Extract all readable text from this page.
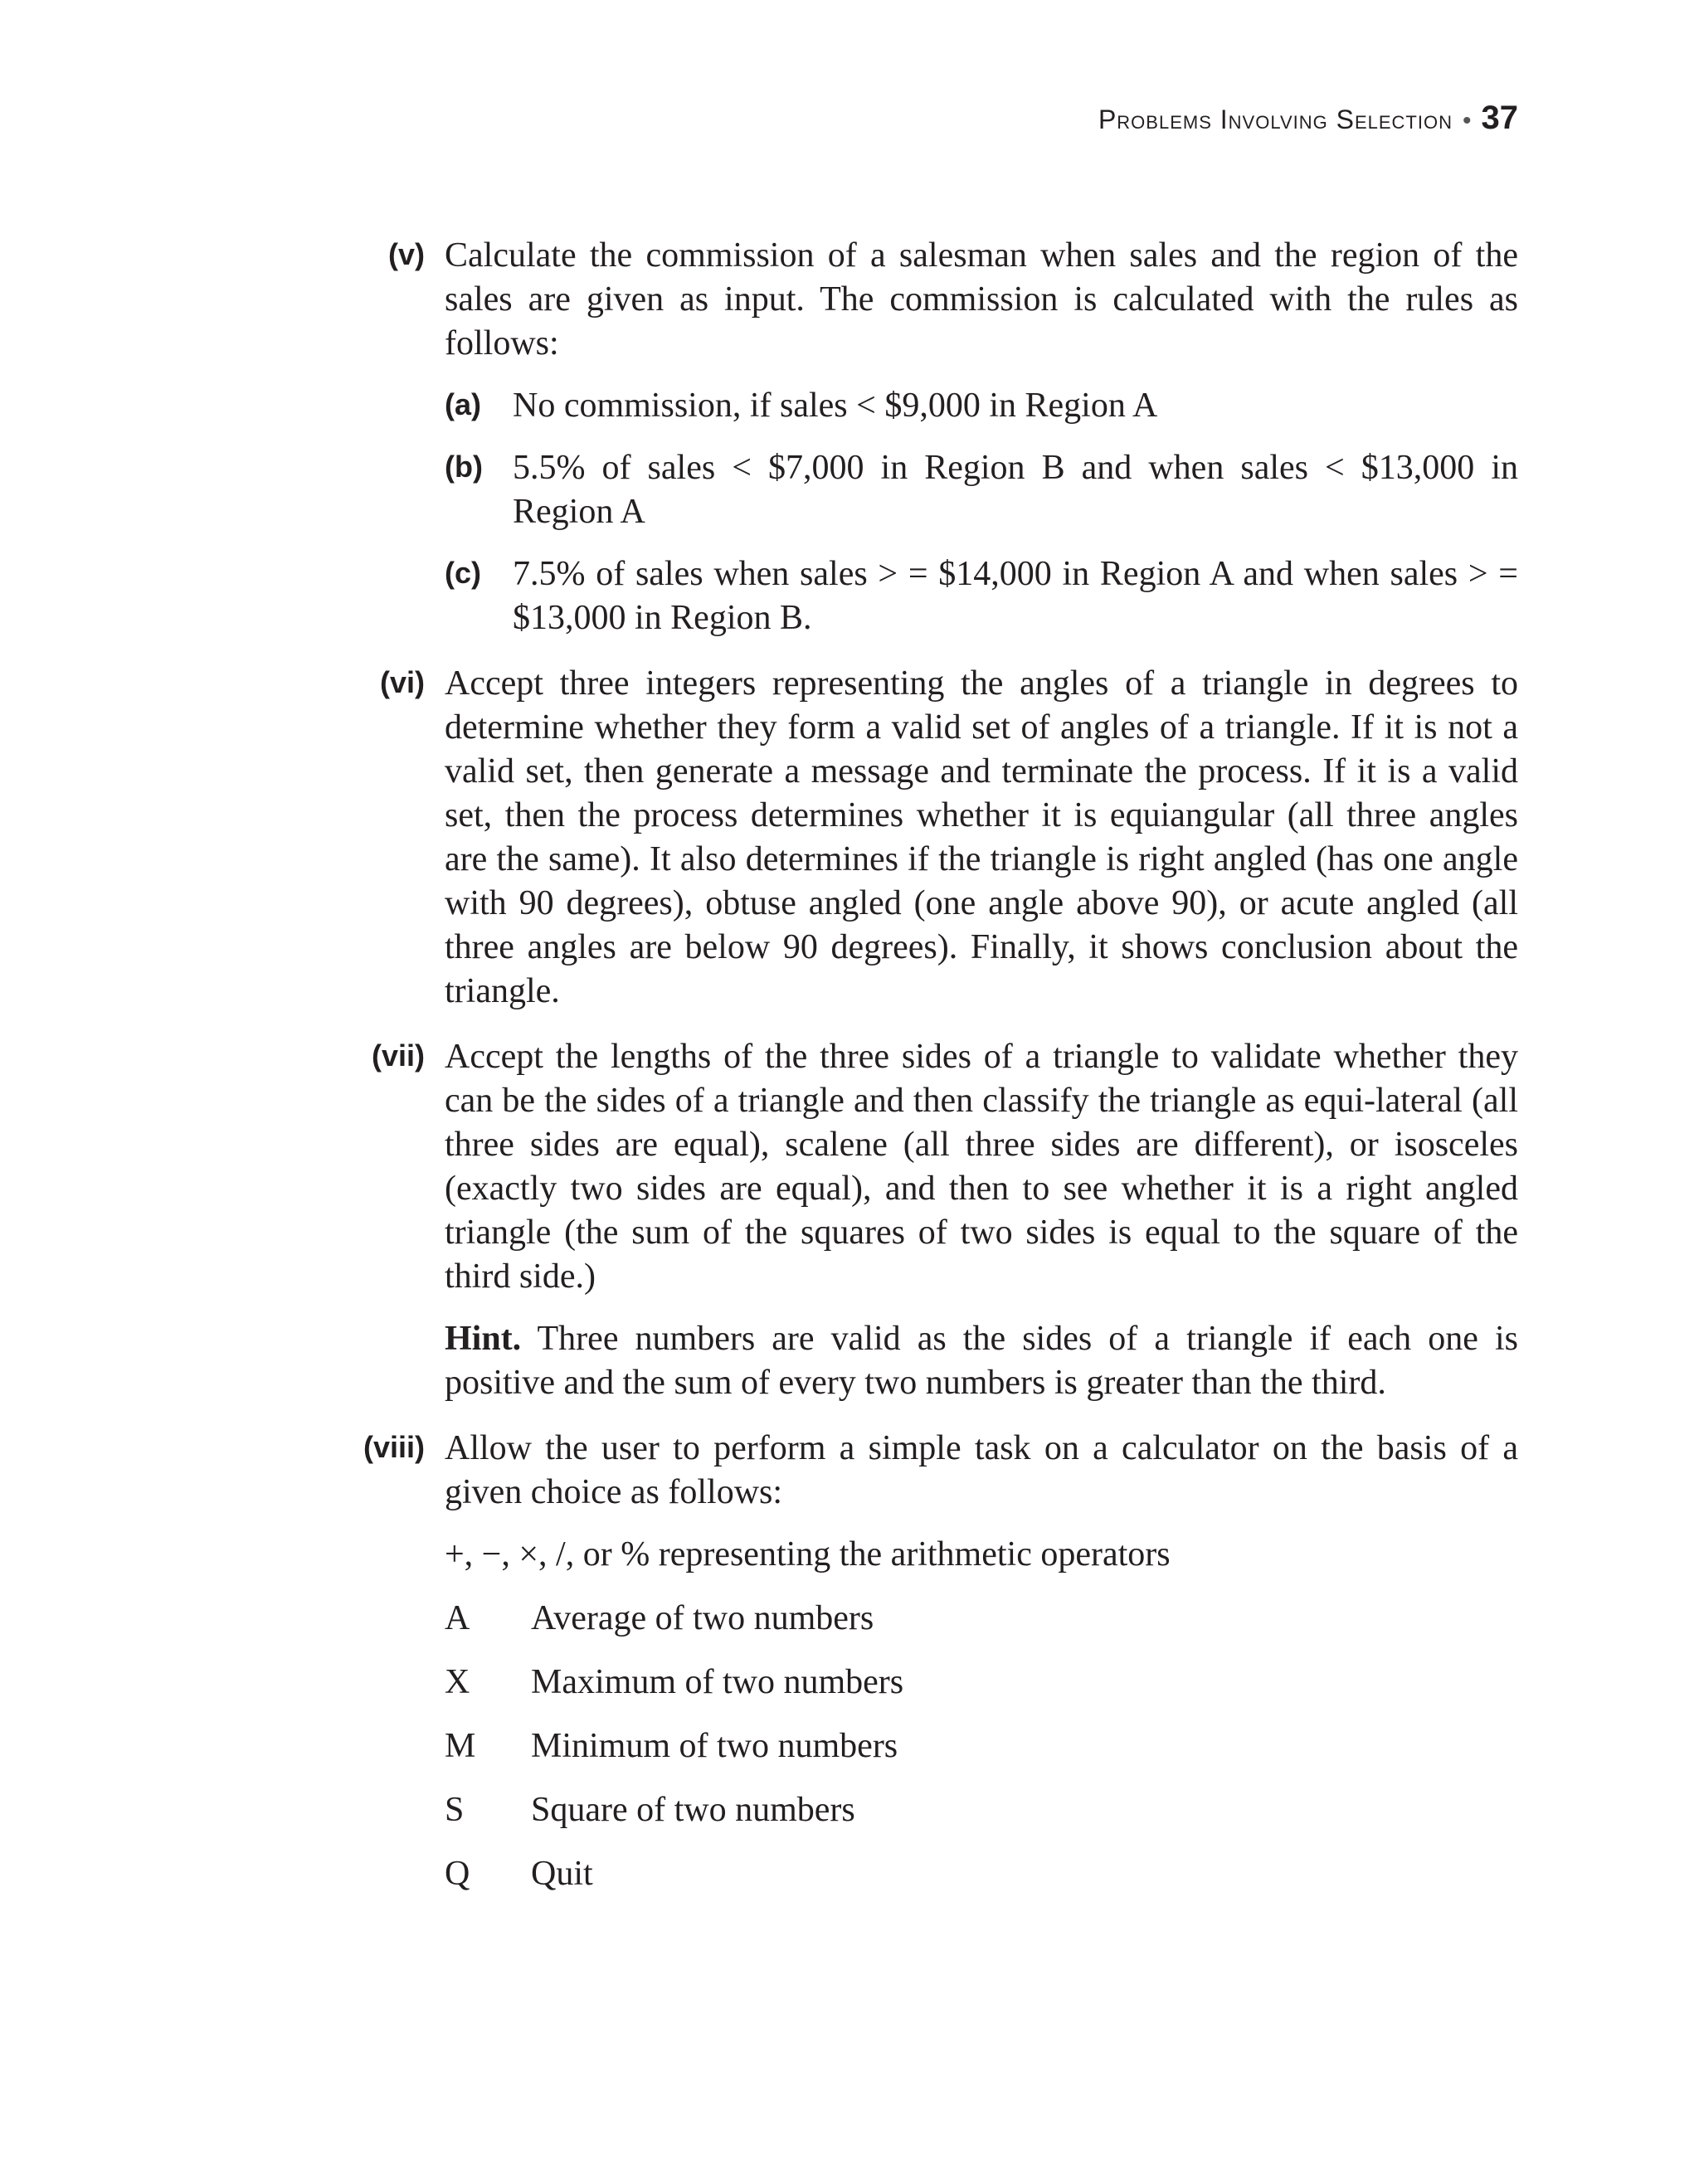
Problems Involving Selection • 37
(v) Calculate the commission of a salesman when sales and the region of the sales are given as input. The commission is calculated with the rules as follows:
(a) No commission, if sales < $9,000 in Region A
(b) 5.5% of sales < $7,000 in Region B and when sales < $13,000 in Region A
(c) 7.5% of sales when sales > = $14,000 in Region A and when sales > = $13,000 in Region B.
(vi) Accept three integers representing the angles of a triangle in degrees to determine whether they form a valid set of angles of a triangle. If it is not a valid set, then generate a message and terminate the process. If it is a valid set, then the process determines whether it is equiangular (all three angles are the same). It also determines if the triangle is right angled (has one angle with 90 degrees), obtuse angled (one angle above 90), or acute angled (all three angles are below 90 degrees). Finally, it shows conclusion about the triangle.
(vii) Accept the lengths of the three sides of a triangle to validate whether they can be the sides of a triangle and then classify the triangle as equi-lateral (all three sides are equal), scalene (all three sides are different), or isosceles (exactly two sides are equal), and then to see whether it is a right angled triangle (the sum of the squares of two sides is equal to the square of the third side.)
Hint. Three numbers are valid as the sides of a triangle if each one is positive and the sum of every two numbers is greater than the third.
(viii) Allow the user to perform a simple task on a calculator on the basis of a given choice as follows:
+, −, ×, /, or % representing the arithmetic operators
A	Average of two numbers
X	Maximum of two numbers
M	Minimum of two numbers
S	Square of two numbers
Q	Quit
